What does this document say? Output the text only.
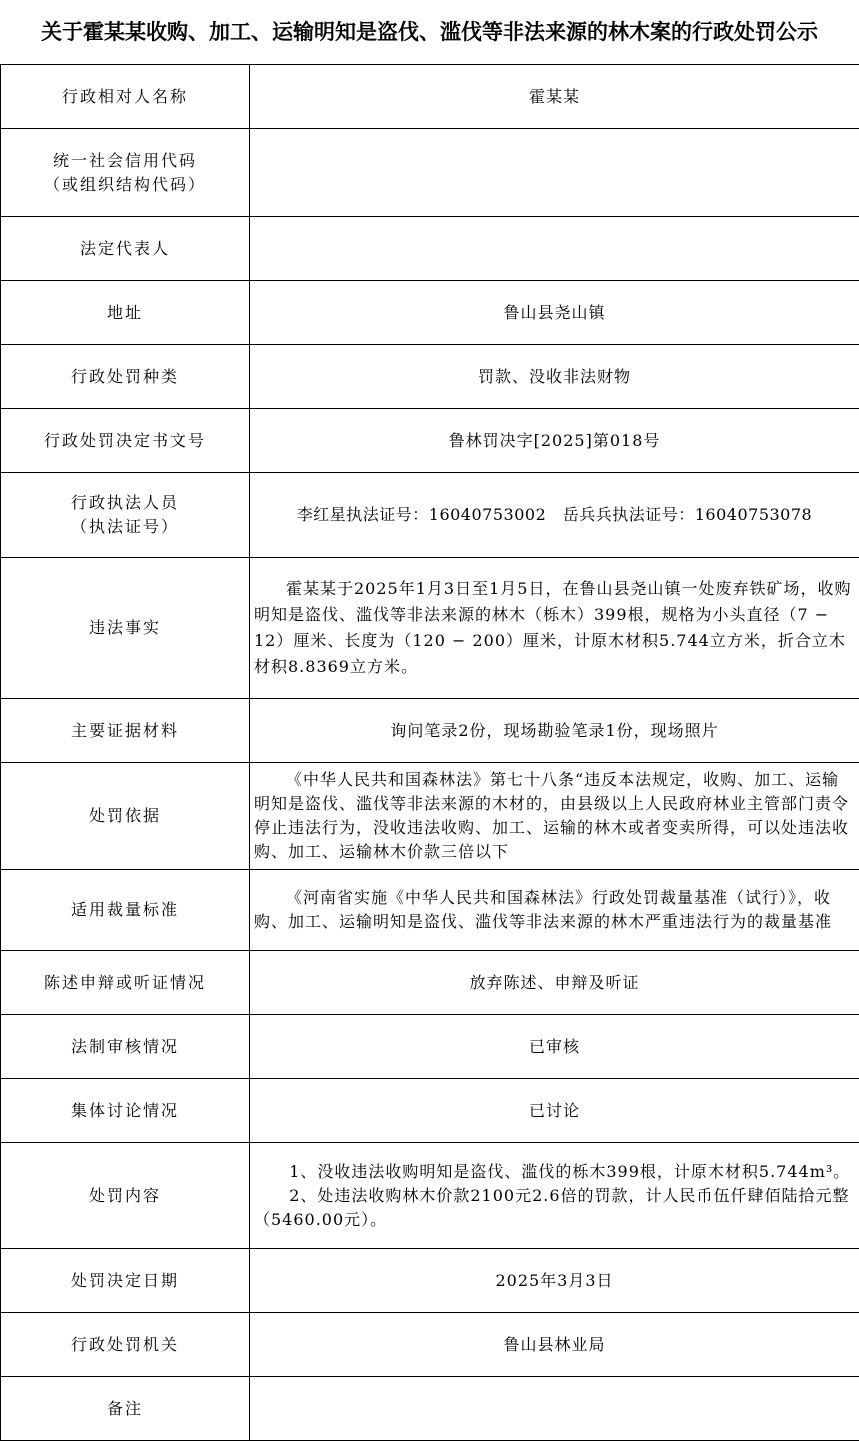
关于霍某某收购、加工、运输明知是盗伐、滥伐等非法来源的林木案的行政处罚公示
行政相对人名称	霍某某

统一社会信用代码
（或组织结构代码）	

法定代表人	

地址	鲁山县尧山镇

行政处罚种类	罚款、没收非法财物

行政处罚决定书文号	鲁林罚决字[2025]第018号

行政执法人员
（执法证号）	李红星执法证号：16040753002　岳兵兵执法证号：16040753078

违法事实	霍某某于2025年1月3日至1月5日，在鲁山县尧山镇一处废弃铁矿场，收购明知是盗伐、滥伐等非法来源的林木（栎木）399根，规格为小头直径（7 − 12）厘米、长度为（120 − 200）厘米，计原木材积5.744立方米，折合立木材积8.8369立方米。

主要证据材料	询问笔录2份，现场勘验笔录1份，现场照片

处罚依据	《中华人民共和国森林法》第七十八条“违反本法规定，收购、加工、运输明知是盗伐、滥伐等非法来源的木材的，由县级以上人民政府林业主管部门责令停止违法行为，没收违法收购、加工、运输的林木或者变卖所得，可以处违法收购、加工、运输林木价款三倍以下

适用裁量标准	《河南省实施《中华人民共和国森林法》行政处罚裁量基准（试行）》，收购、加工、运输明知是盗伐、滥伐等非法来源的林木严重违法行为的裁量基准

陈述申辩或听证情况	放弃陈述、申辩及听证

法制审核情况	已审核

集体讨论情况	已讨论

处罚内容	1、没收违法收购明知是盗伐、滥伐的栎木399根，计原木材积5.744m³。
2、处违法收购林木价款2100元2.6倍的罚款，计人民币伍仟肆佰陆拾元整（5460.00元）。

处罚决定日期	2025年3月3日

行政处罚机关	鲁山县林业局

备注	
